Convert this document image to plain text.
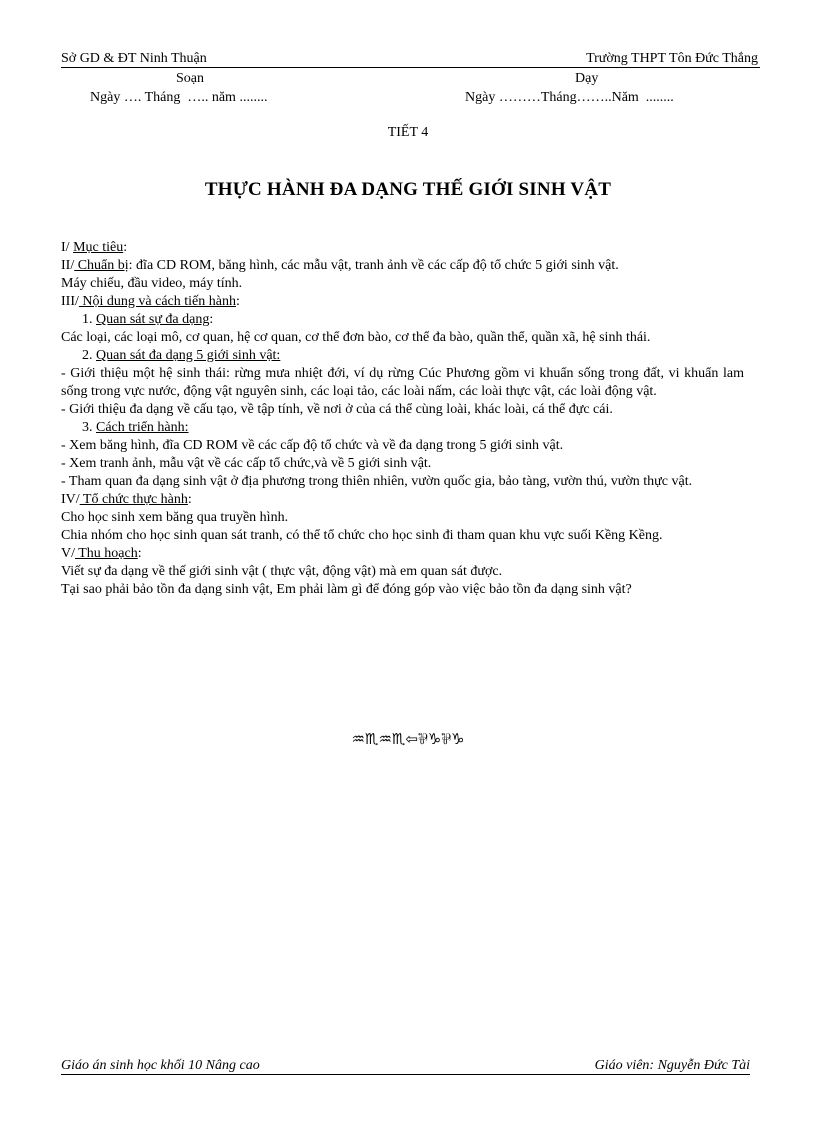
Sở GD & ĐT Ninh Thuận	Trường THPT Tôn Đức Thắng
Soạn	Dạy
Ngày …. Tháng  ….. năm ........	Ngày ………Tháng……..Năm  ........
TIẾT 4
THỰC HÀNH ĐA DẠNG THẾ GIỚI SINH VẬT

I/ Mục tiêu:

II/ Chuẩn bị: đĩa CD ROM, băng hình, các mẫu vật, tranh ảnh về các cấp độ tổ chức 5 giới sinh vật.

Máy chiếu, đầu video, máy tính.

III/ Nội dung và cách tiến hành:

1. Quan sát sự đa dạng:

Các loại, các loại mô, cơ quan, hệ cơ quan, cơ thể đơn bào, cơ thể đa bào, quần thể, quần xã, hệ sinh thái.

2. Quan sát đa dạng 5 giới sinh vật:

- Giới thiệu một hệ sinh thái: rừng mưa nhiệt đới, ví dụ rừng Cúc Phương gồm vi khuẩn sống trong đất, vi khuẩn lam sống trong vực nước, động vật nguyên sinh, các loại tảo, các loài nấm, các loài thực vật, các loài động vật.

- Giới thiệu đa dạng về cấu tạo, về tập tính, về nơi ở của cá thể cùng loài, khác loài, cá thể đực cái.

3. Cách triển hành:

- Xem băng hình, đĩa CD ROM về các cấp độ tổ chức và về đa dạng trong 5 giới sinh vật.

- Xem tranh ảnh, mẫu vật về các cấp tổ chức,và về 5 giới sinh vật.

- Tham quan đa dạng sinh vật ở địa phương trong thiên nhiên, vườn quốc gia, bảo tàng, vườn thú, vườn thực vật.

IV/ Tổ chức thực hành:

Cho học sinh xem băng qua truyền hình.

Chia nhóm cho học sinh quan sát tranh, có thể tổ chức cho học sinh đi tham quan khu vực suối Kềng Kềng.

V/ Thu hoạch:

Viết sự đa dạng về thế giới sinh vật ( thực vật, động vật) mà em quan sát được.

Tại sao phải bảo tồn đa dạng sinh vật, Em phải làm gì để đóng góp vào việc bảo tồn đa dạng sinh vật?

♒♏♒♏⇦⅌♑⅌♑
Giáo án sinh học khối 10 Nâng cao	Giáo viên: Nguyễn Đức Tài
